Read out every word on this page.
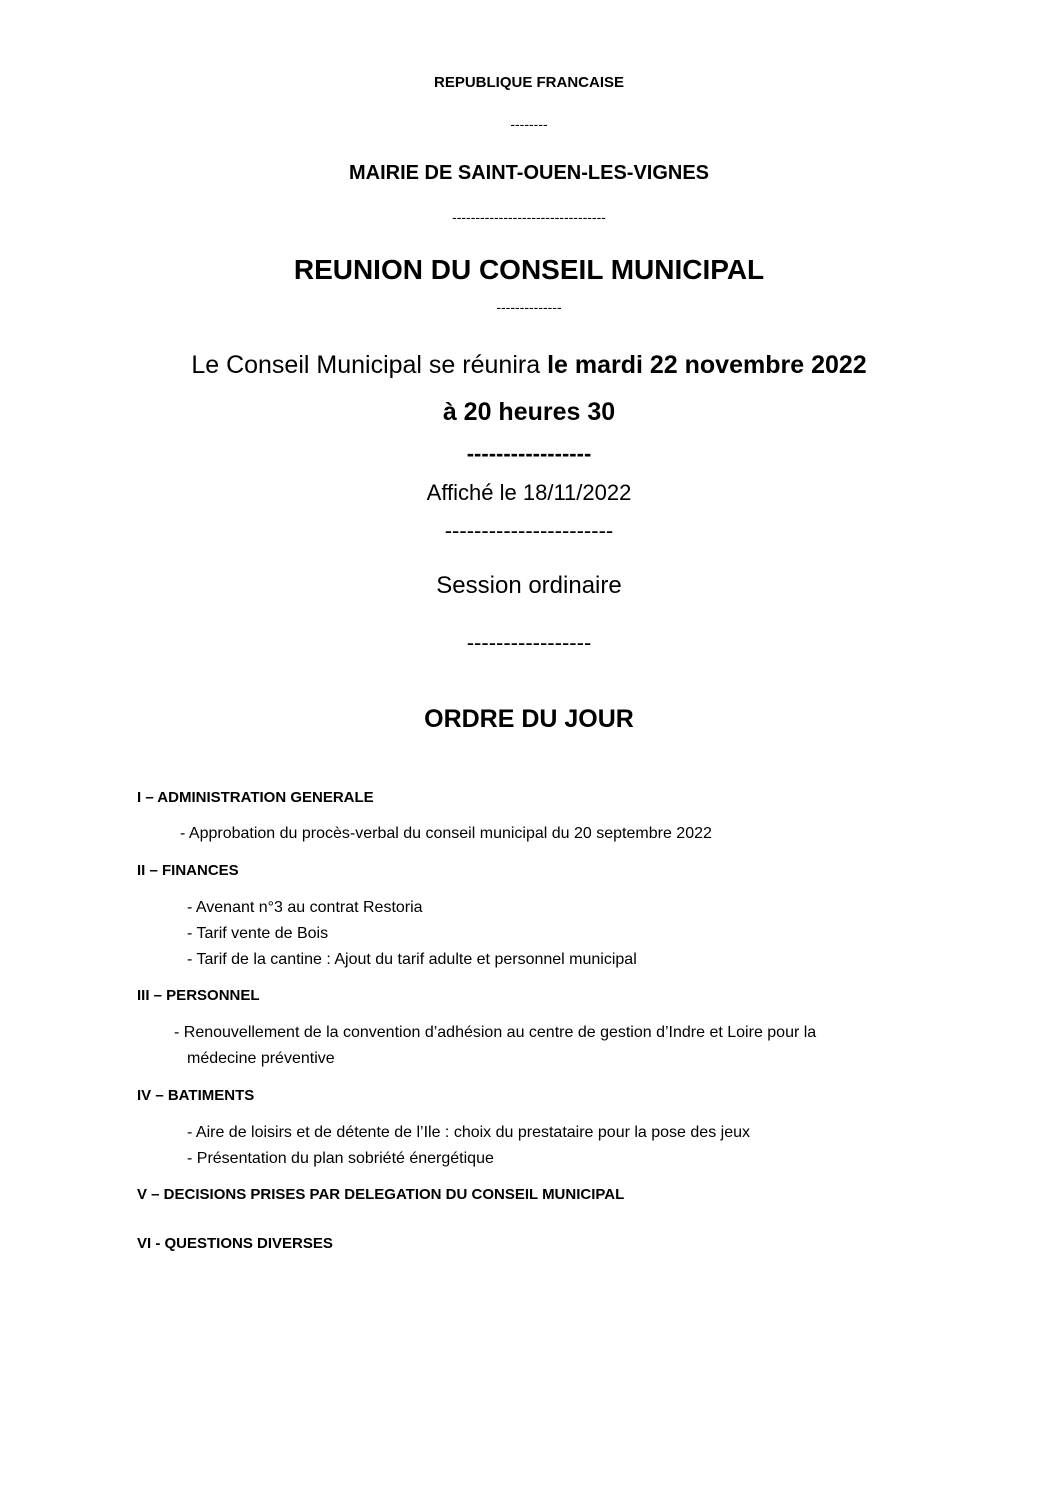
REPUBLIQUE FRANCAISE
--------
MAIRIE DE SAINT-OUEN-LES-VIGNES
---------------------------------
REUNION DU CONSEIL MUNICIPAL
--------------
Le Conseil Municipal se réunira le mardi 22 novembre 2022
à 20 heures 30
-----------------
Affiché le 18/11/2022
-----------------------
Session ordinaire
-----------------
ORDRE DU JOUR
I – ADMINISTRATION GENERALE
- Approbation du procès-verbal du conseil municipal du 20 septembre 2022
II – FINANCES
- Avenant n°3 au contrat Restoria
- Tarif vente de Bois
- Tarif de la cantine : Ajout du tarif adulte et personnel municipal
III – PERSONNEL
- Renouvellement de la convention d’adhésion au centre de gestion d’Indre et Loire pour la
médecine préventive
IV – BATIMENTS
- Aire de loisirs et de détente de l’Ile : choix du prestataire pour la pose des jeux
- Présentation du plan sobriété énergétique
V – DECISIONS PRISES PAR DELEGATION DU CONSEIL MUNICIPAL
VI - QUESTIONS DIVERSES
